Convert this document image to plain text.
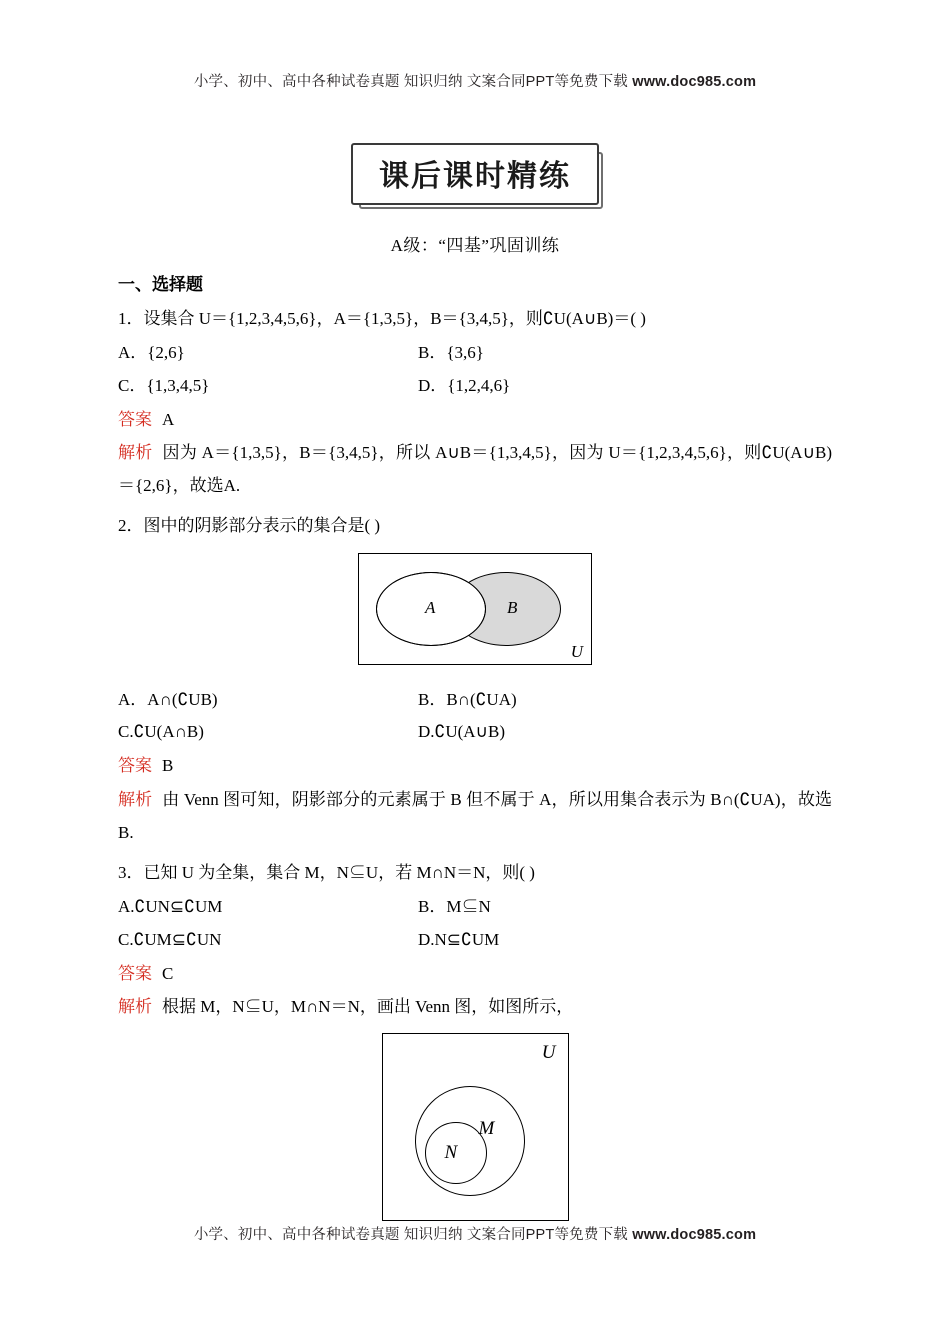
小学、初中、高中各种试卷真题 知识归纳 文案合同PPT等免费下载 www.doc985.com
课后课时精练
A级：“四基”巩固训练
一、选择题
1．设集合 U＝{1,2,3,4,5,6}，A＝{1,3,5}，B＝{3,4,5}，则∁U(A∪B)＝( )
A．{2,6}	B．{3,6}
C．{1,3,4,5}	D．{1,2,4,6}
答案 A
解析 因为 A＝{1,3,5}，B＝{3,4,5}，所以 A∪B＝{1,3,4,5}，因为 U＝{1,2,3,4,5,6}，则∁U(A∪B)＝{2,6}，故选A.
2．图中的阴影部分表示的集合是( )
A	B
U
A．A∩(∁UB)	B．B∩(∁UA)
C.∁U(A∩B)	D.∁U(A∪B)
答案 B
解析 由 Venn 图可知，阴影部分的元素属于 B 但不属于 A，所以用集合表示为 B∩(∁UA)，故选B.
3．已知 U 为全集，集合 M，N⊆U，若 M∩N＝N，则( )
A.∁UN⊆∁UM	B．M⊆N
C.∁UM⊆∁UN	D.N⊆∁UM
答案 C
解析 根据 M，N⊆U，M∩N＝N，画出 Venn 图，如图所示，
M
N
U
小学、初中、高中各种试卷真题 知识归纳 文案合同PPT等免费下载 www.doc985.com
